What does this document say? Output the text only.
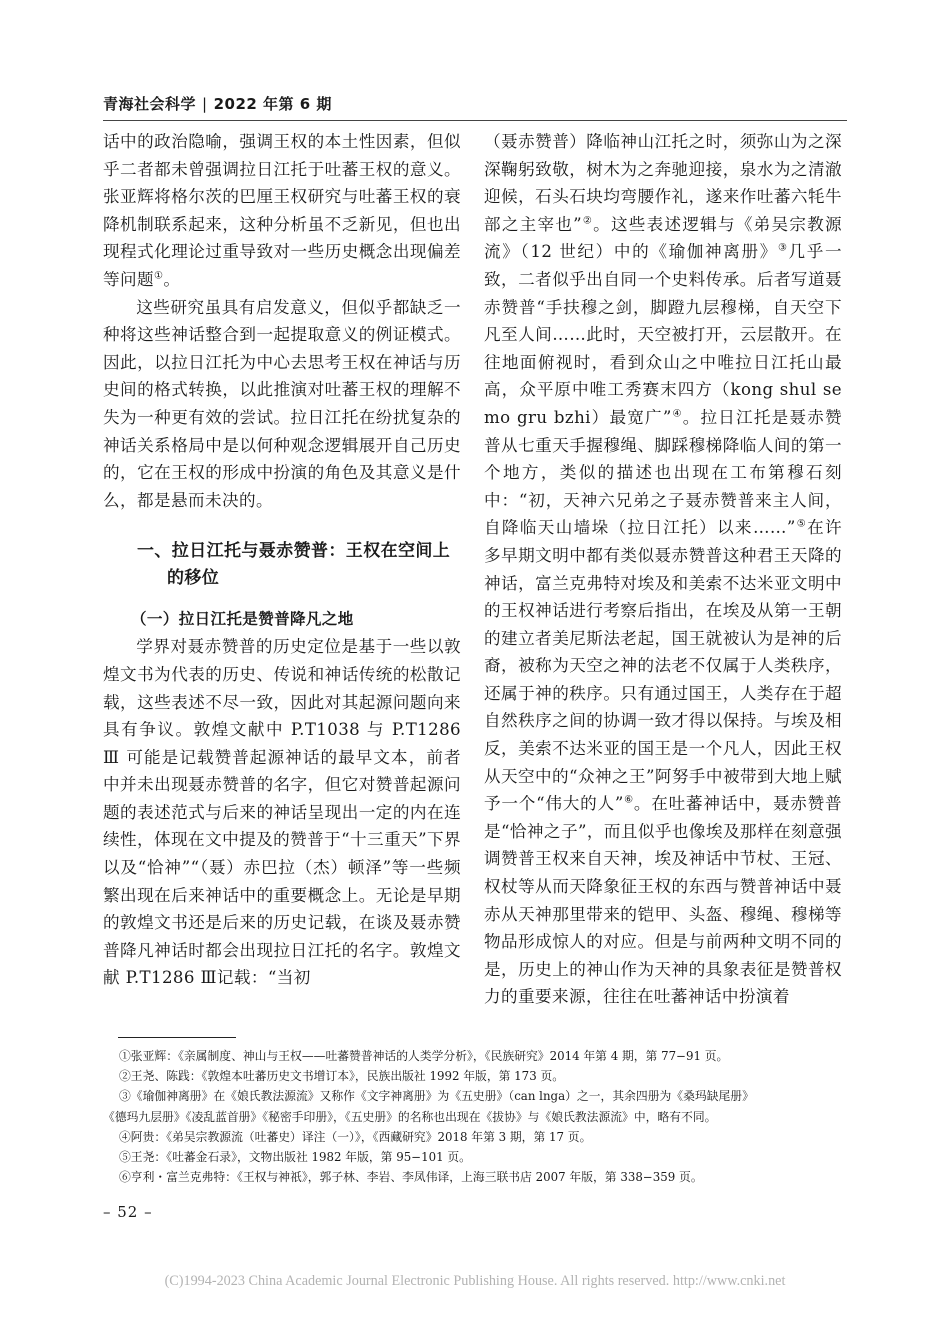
青海社会科学 | 2022 年第 6 期

话中的政治隐喻，强调王权的本土性因素，但似乎二者都未曾强调拉日江托于吐蕃王权的意义。张亚辉将格尔茨的巴厘王权研究与吐蕃王权的衰降机制联系起来，这种分析虽不乏新见，但也出现程式化理论过重导致对一些历史概念出现偏差等问题①。

这些研究虽具有启发意义，但似乎都缺乏一种将这些神话整合到一起提取意义的例证模式。因此，以拉日江托为中心去思考王权在神话与历史间的格式转换，以此推演对吐蕃王权的理解不失为一种更有效的尝试。拉日江托在纷扰复杂的神话关系格局中是以何种观念逻辑展开自己历史的，它在王权的形成中扮演的角色及其意义是什么，都是悬而未决的。

一、拉日江托与聂赤赞普：王权在空间上
的移位
（一）拉日江托是赞普降凡之地

学界对聂赤赞普的历史定位是基于一些以敦煌文书为代表的历史、传说和神话传统的松散记载，这些表述不尽一致，因此对其起源问题向来具有争议。敦煌文献中 P.T1038 与 P.T1286 Ⅲ 可能是记载赞普起源神话的最早文本，前者中并未出现聂赤赞普的名字，但它对赞普起源问题的表述范式与后来的神话呈现出一定的内在连续性，体现在文中提及的赞普于“十三重天”下界以及“恰神”“（聂）赤巴拉（杰）顿泽”等一些频繁出现在后来神话中的重要概念上。无论是早期的敦煌文书还是后来的历史记载，在谈及聂赤赞普降凡神话时都会出现拉日江托的名字。敦煌文献 P.T1286 Ⅲ记载：“当初

（聂赤赞普）降临神山江托之时，须弥山为之深深鞠躬致敬，树木为之奔驰迎接，泉水为之清澈迎候，石头石块均弯腰作礼，遂来作吐蕃六牦牛部之主宰也”②。这些表述逻辑与《弟吴宗教源流》（12 世纪）中的《瑜伽神离册》③几乎一致，二者似乎出自同一个史料传承。后者写道聂赤赞普“手扶穆之剑，脚蹬九层穆梯，自天空下凡至人间……此时，天空被打开，云层散开。在往地面俯视时，看到众山之中唯拉日江托山最高，众平原中唯工秀赛末四方（kong shul se mo gru bzhi）最宽广”④。拉日江托是聂赤赞普从七重天手握穆绳、脚踩穆梯降临人间的第一个地方，类似的描述也出现在工布第穆石刻中：“初，天神六兄弟之子聂赤赞普来主人间，自降临天山墙垛（拉日江托）以来……”⑤在许多早期文明中都有类似聂赤赞普这种君王天降的神话，富兰克弗特对埃及和美索不达米亚文明中的王权神话进行考察后指出，在埃及从第一王朝的建立者美尼斯法老起，国王就被认为是神的后裔，被称为天空之神的法老不仅属于人类秩序，还属于神的秩序。只有通过国王，人类存在于超自然秩序之间的协调一致才得以保持。与埃及相反，美索不达米亚的国王是一个凡人，因此王权从天空中的“众神之王”阿努手中被带到大地上赋予一个“伟大的人”⑥。在吐蕃神话中，聂赤赞普是“恰神之子”，而且似乎也像埃及那样在刻意强调赞普王权来自天神，埃及神话中节杖、王冠、权杖等从而天降象征王权的东西与赞普神话中聂赤从天神那里带来的铠甲、头盔、穆绳、穆梯等物品形成惊人的对应。但是与前两种文明不同的是，历史上的神山作为天神的具象表征是赞普权力的重要来源，往往在吐蕃神话中扮演着

①张亚辉：《亲属制度、神山与王权——吐蕃赞普神话的人类学分析》，《民族研究》2014 年第 4 期，第 77−91 页。

②王尧、陈践：《敦煌本吐蕃历史文书增订本》，民族出版社 1992 年版，第 173 页。

③《瑜伽神离册》在《娘氏教法源流》又称作《文字神离册》为《五史册》（can lnga）之一，其余四册为《桑玛缺尾册》

《德玛九层册》《凌乱蓝首册》《秘密手印册》，《五史册》的名称也出现在《拔协》与《娘氏教法源流》中，略有不同。

④阿贵：《弟吴宗教源流（吐蕃史）译注（一）》，《西藏研究》2018 年第 3 期，第 17 页。

⑤王尧：《吐蕃金石录》，文物出版社 1982 年版，第 95−101 页。

⑥亨利・富兰克弗特：《王权与神祇》，郭子林、李岩、李凤伟译，上海三联书店 2007 年版，第 338−359 页。

– 52 –
(C)1994-2023 China Academic Journal Electronic Publishing House. All rights reserved. http://www.cnki.net
